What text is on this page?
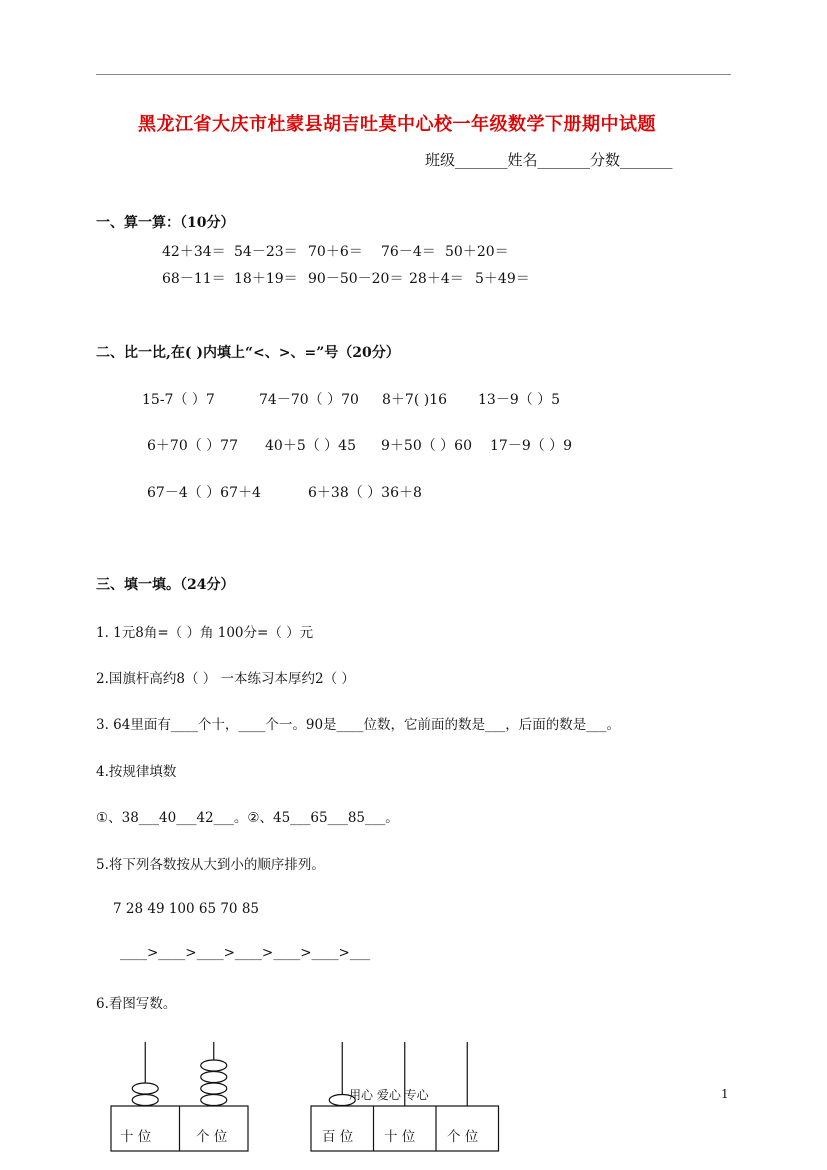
黑龙江省大庆市杜蒙县胡吉吐莫中心校一年级数学下册期中试题
班级_______姓名_______分数_______
一、算一算：（10分）
42＋34＝ 54－23＝ 70＋6＝ 76－4＝ 50＋20＝
68－11＝ 18＋19＝ 90－50－20＝ 28＋4＝ 5＋49＝
二、比一比,在( )内填上“<、>、=”号（20分）
15-7（ ）7	74－70（ ）70 8＋7( )16 13－9（ ）5
6＋70（ ）77 40＋5（ ）45 9＋50（ ）60 17－9（ ）9
67－4（ ）67＋4	6＋38（ ）36＋8
三、填一填。（24分）
1. 1元8角=（ ）角 100分=（ ）元
2.国旗杆高约8（ ） 一本练习本厚约2（ ）
3. 64里面有____个十，____个一。90是____位数，它前面的数是___，后面的数是___。
4.按规律填数
①、38___40___42___。②、45___65___85___。
5.将下列各数按从大到小的顺序排列。
7 28 49 100 65 70 85
____>____>____>____>____>____>___
6.看图写数。
十 位	个 位	百 位 十 位 个 位
用心 爱心 专心	1
